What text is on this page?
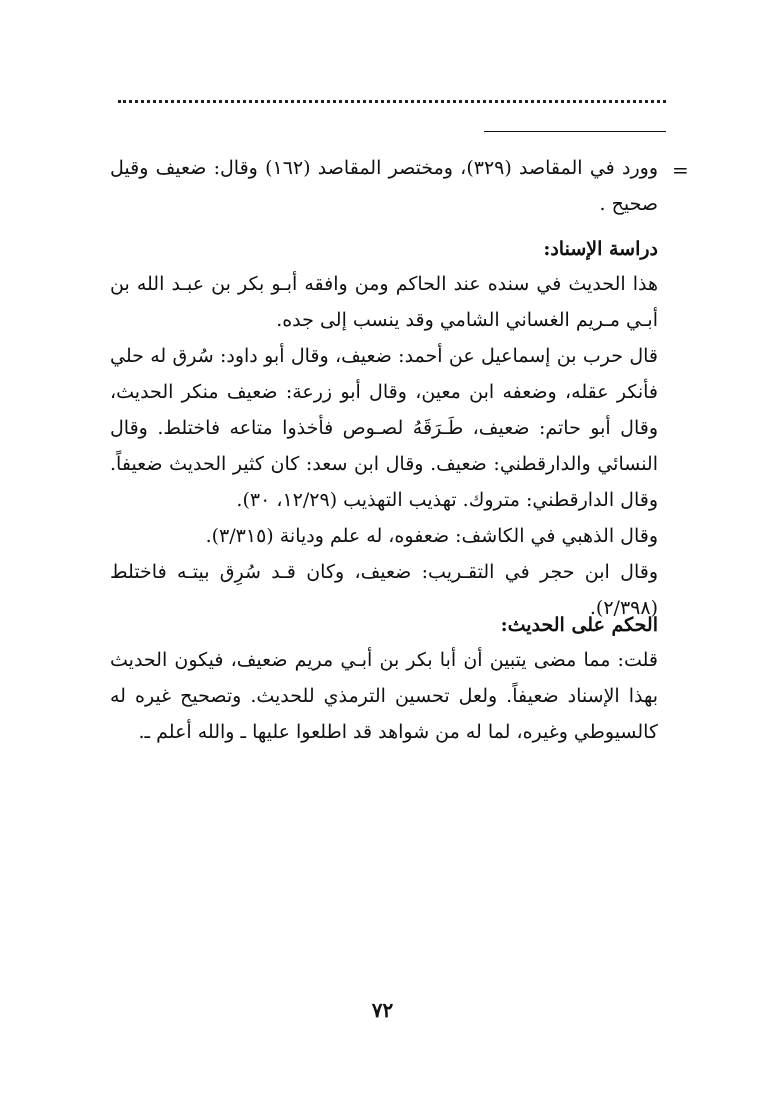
=
وورد في المقاصد (٣٢٩)، ومختصر المقاصد (١٦٢) وقال: ضعيف وقيل
صحيح .
دراسة الإسناد:
هذا الحديث في سنده عند الحاكم ومن وافقه أبـو بكر بن عبـد الله بن
أبـي مـريم الغساني الشامي وقد ينسب إلى جده.
قال حرب بن إسماعيل عن أحمد: ضعيف، وقال أبو داود: سُرق له حلي
فأنكر عقله، وضعفه ابن معين، وقال أبو زرعة: ضعيف منكر الحديث،
وقال أبو حاتم: ضعيف، طَـرَقَهُ لصـوص فأخذوا متاعه فاختلط. وقال
النسائي والدارقطني: ضعيف. وقال ابن سعد: كان كثير الحديث ضعيفاً.
وقال الدارقطني: متروك. تهذيب التهذيب (١٢/٢٩، ٣٠).
وقال الذهبي في الكاشف: ضعفوه، له علم وديانة (٣/٣١٥).
وقال ابن حجر في التقـريب: ضعيف، وكان قـد سُرِق بيتـه فاختلط
(٢/٣٩٨).
الحكم على الحديث:
قلت: مما مضى يتبين أن أبا بكر بن أبـي مريم ضعيف، فيكون الحديث
بهذا الإسناد ضعيفاً. ولعل تحسين الترمذي للحديث. وتصحيح غيره له
كالسيوطي وغيره، لما له من شواهد قد اطلعوا عليها ـ والله أعلم ـ.
٧٢
